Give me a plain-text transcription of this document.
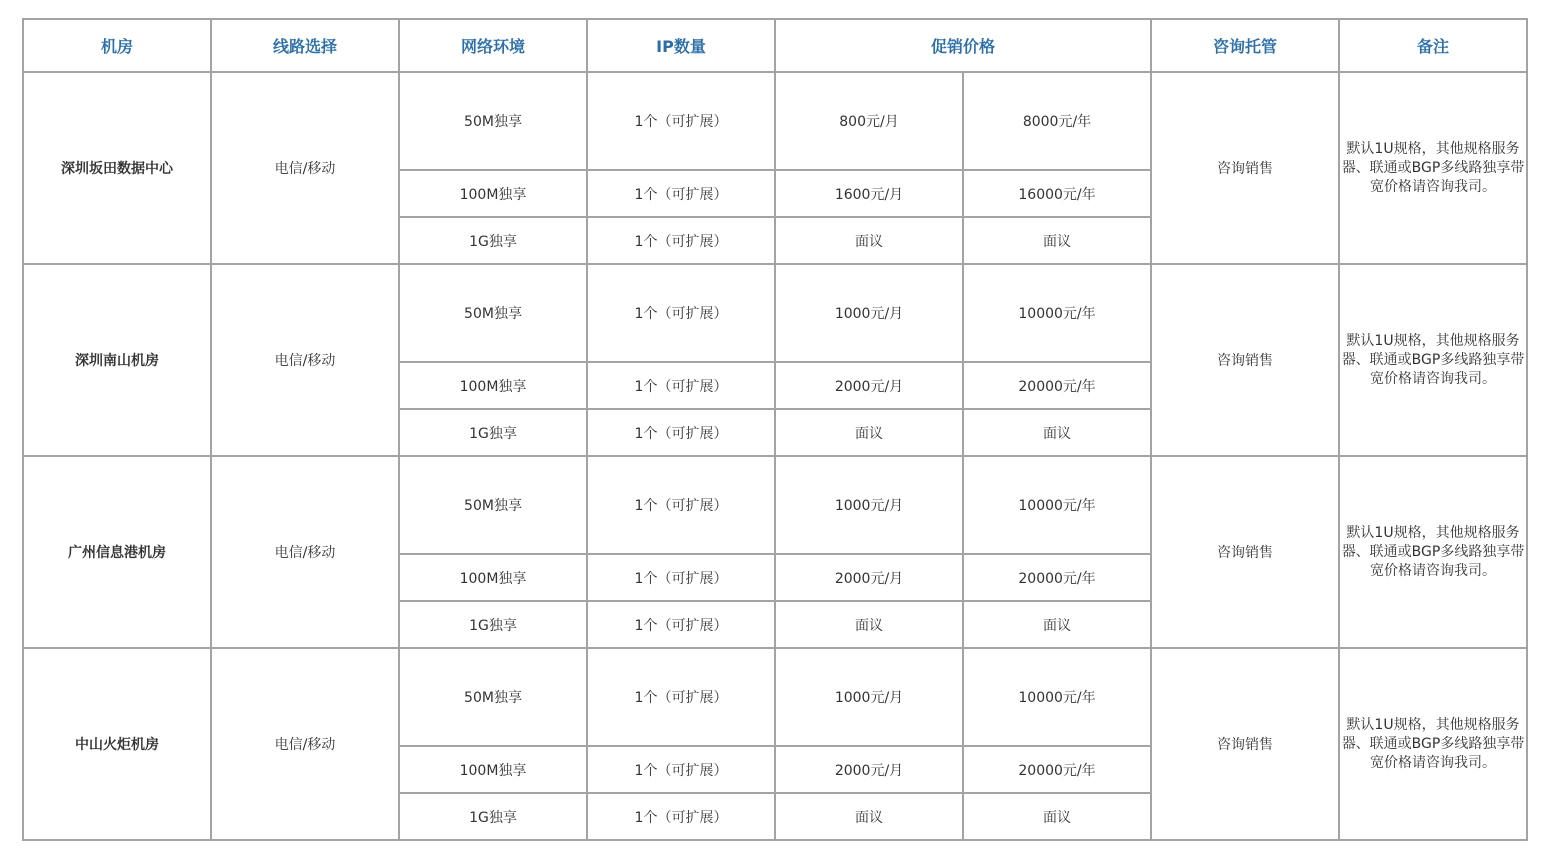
机房	线路选择	网络环境	IP数量	促销价格		咨询托管	备注
深圳坂田数据中心	电信/移动	50M独享	1个（可扩展）	800元/月	8000元/年	咨询销售	默认1U规格，其他规格服务器、联通或BGP多线路独享带宽价格请咨询我司。
		100M独享	1个（可扩展）	1600元/月	16000元/年		
		1G独享	1个（可扩展）	面议	面议		
深圳南山机房	电信/移动	50M独享	1个（可扩展）	1000元/月	10000元/年	咨询销售	默认1U规格，其他规格服务器、联通或BGP多线路独享带宽价格请咨询我司。
		100M独享	1个（可扩展）	2000元/月	20000元/年		
		1G独享	1个（可扩展）	面议	面议		
广州信息港机房	电信/移动	50M独享	1个（可扩展）	1000元/月	10000元/年	咨询销售	默认1U规格，其他规格服务器、联通或BGP多线路独享带宽价格请咨询我司。
		100M独享	1个（可扩展）	2000元/月	20000元/年		
		1G独享	1个（可扩展）	面议	面议		
中山火炬机房	电信/移动	50M独享	1个（可扩展）	1000元/月	10000元/年	咨询销售	默认1U规格，其他规格服务器、联通或BGP多线路独享带宽价格请咨询我司。
		100M独享	1个（可扩展）	2000元/月	20000元/年		
		1G独享	1个（可扩展）	面议	面议		
